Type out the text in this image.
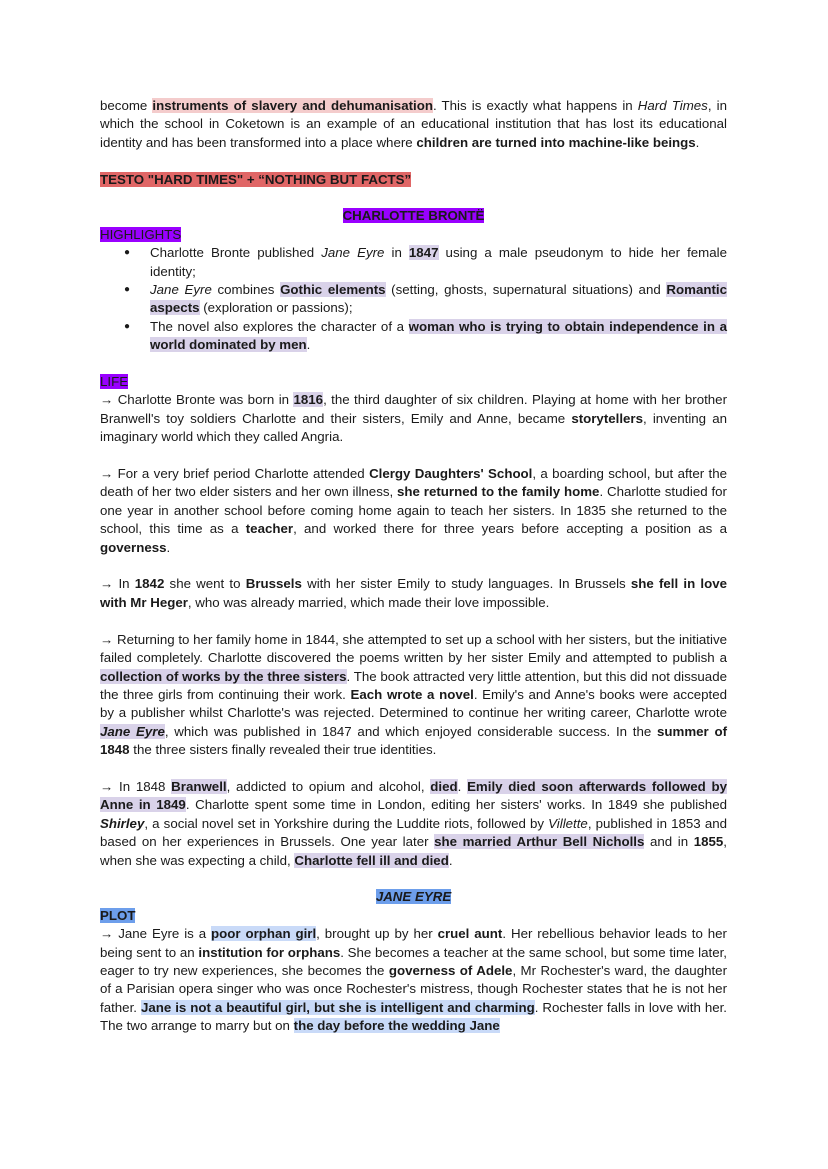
become instruments of slavery and dehumanisation. This is exactly what happens in Hard Times, in which the school in Coketown is an example of an educational institution that has lost its educational identity and has been transformed into a place where children are turned into machine-like beings.

TESTO "HARD TIMES" + “NOTHING BUT FACTS”

CHARLOTTE BRONTË

HIGHLIGHTS

● Charlotte Bronte published Jane Eyre in 1847 using a male pseudonym to hide her female identity;
● Jane Eyre combines Gothic elements (setting, ghosts, supernatural situations) and Romantic aspects (exploration or passions);
● The novel also explores the character of a woman who is trying to obtain independence in a world dominated by men.

LIFE

→ Charlotte Bronte was born in 1816, the third daughter of six children. Playing at home with her brother Branwell's toy soldiers Charlotte and their sisters, Emily and Anne, became storytellers, inventing an imaginary world which they called Angria.

→ For a very brief period Charlotte attended Clergy Daughters' School, a boarding school, but after the death of her two elder sisters and her own illness, she returned to the family home. Charlotte studied for one year in another school before coming home again to teach her sisters. In 1835 she returned to the school, this time as a teacher, and worked there for three years before accepting a position as a governess.

→ In 1842 she went to Brussels with her sister Emily to study languages. In Brussels she fell in love with Mr Heger, who was already married, which made their love impossible.

→ Returning to her family home in 1844, she attempted to set up a school with her sisters, but the initiative failed completely. Charlotte discovered the poems written by her sister Emily and attempted to publish a collection of works by the three sisters. The book attracted very little attention, but this did not dissuade the three girls from continuing their work. Each wrote a novel. Emily's and Anne's books were accepted by a publisher whilst Charlotte's was rejected. Determined to continue her writing career, Charlotte wrote Jane Eyre, which was published in 1847 and which enjoyed considerable success. In the summer of 1848 the three sisters finally revealed their true identities.

→ In 1848 Branwell, addicted to opium and alcohol, died. Emily died soon afterwards followed by Anne in 1849. Charlotte spent some time in London, editing her sisters' works. In 1849 she published Shirley, a social novel set in Yorkshire during the Luddite riots, followed by Villette, published in 1853 and based on her experiences in Brussels. One year later she married Arthur Bell Nicholls and in 1855, when she was expecting a child, Charlotte fell ill and died.

JANE EYRE

PLOT

→ Jane Eyre is a poor orphan girl, brought up by her cruel aunt. Her rebellious behavior leads to her being sent to an institution for orphans. She becomes a teacher at the same school, but some time later, eager to try new experiences, she becomes the governess of Adele, Mr Rochester's ward, the daughter of a Parisian opera singer who was once Rochester's mistress, though Rochester states that he is not her father. Jane is not a beautiful girl, but she is intelligent and charming. Rochester falls in love with her. The two arrange to marry but on the day before the wedding Jane
